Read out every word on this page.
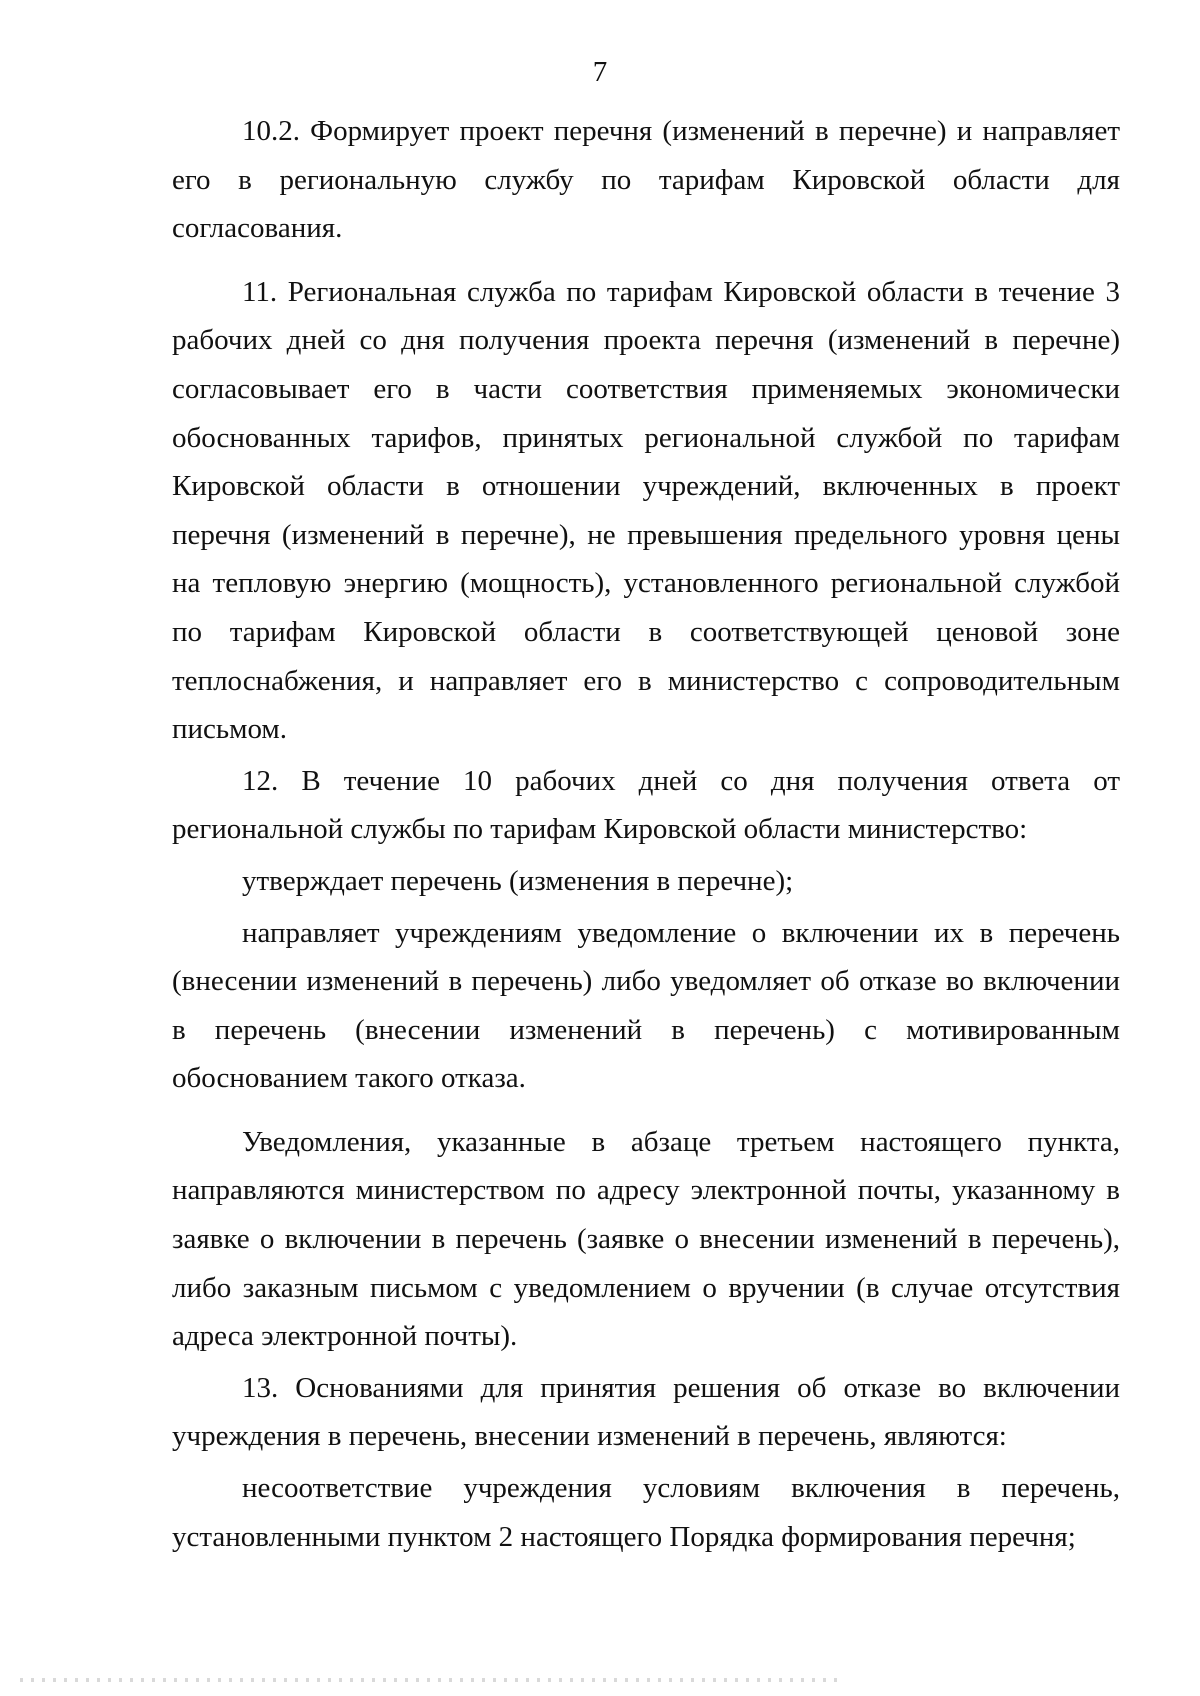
7

10.2. Формирует проект перечня (изменений в перечне) и направляет его в региональную службу по тарифам Кировской области для согласования.

11. Региональная служба по тарифам Кировской области в течение 3 рабочих дней со дня получения проекта перечня (изменений в перечне) согласовывает его в части соответствия применяемых экономически обоснованных тарифов, принятых региональной службой по тарифам Кировской области в отношении учреждений, включенных в проект перечня (изменений в перечне), не превышения предельного уровня цены на тепловую энергию (мощность), установленного региональной службой по тарифам Кировской области в соответствующей ценовой зоне теплоснабжения, и направляет его в министерство с сопроводительным письмом.

12. В течение 10 рабочих дней со дня получения ответа от региональной службы по тарифам Кировской области министерство:

утверждает перечень (изменения в перечне);

направляет учреждениям уведомление о включении их в перечень (внесении изменений в перечень) либо уведомляет об отказе во включении в перечень (внесении изменений в перечень) с мотивированным обоснованием такого отказа.

Уведомления, указанные в абзаце третьем настоящего пункта, направляются министерством по адресу электронной почты, указанному в заявке о включении в перечень (заявке о внесении изменений в перечень), либо заказным письмом с уведомлением о вручении (в случае отсутствия адреса электронной почты).

13. Основаниями для принятия решения об отказе во включении учреждения в перечень, внесении изменений в перечень, являются:

несоответствие учреждения условиям включения в перечень, установленными пунктом 2 настоящего Порядка формирования перечня;
